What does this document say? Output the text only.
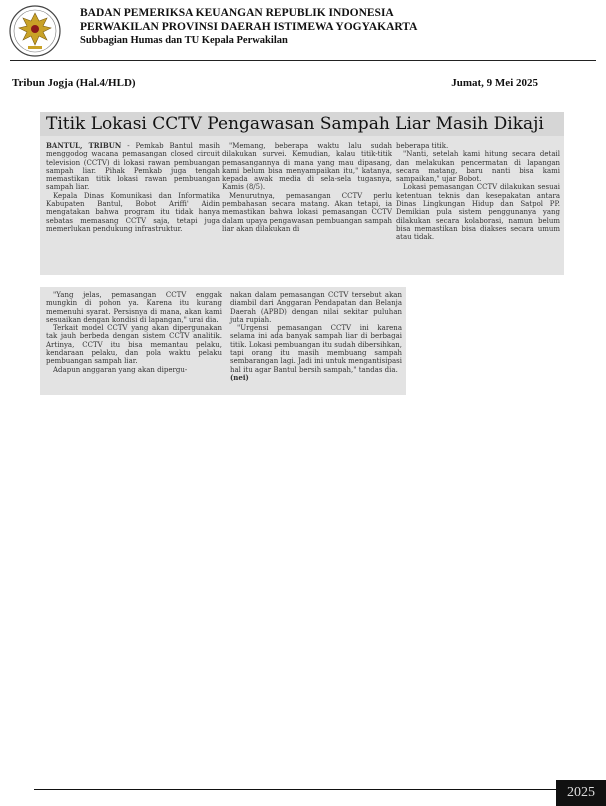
BADAN PEMERIKSA KEUANGAN REPUBLIK INDONESIA
PERWAKILAN PROVINSI DAERAH ISTIMEWA YOGYAKARTA
Subbagian Humas dan TU Kepala Perwakilan
Tribun Jogja (Hal.4/HLD)	Jumat, 9 Mei 2025
Titik Lokasi CCTV Pengawasan Sampah Liar Masih Dikaji

BANTUL, TRIBUN - Pemkab Bantul masih menggodog wacana pemasangan closed circuit television (CCTV) di lokasi rawan pembuangan sampah liar. Pihak Pemkab juga tengah memastikan titik lokasi rawan pembuangan sampah liar.

Kepala Dinas Komunikasi dan Informatika Kabupaten Bantul, Bobot Ariffi' Aidin mengatakan bahwa program itu tidak hanya sebatas memasang CCTV saja, tetapi juga memerlukan pendukung infrastruktur.

"Memang, beberapa waktu lalu sudah dilakukan survei. Kemudian, kalau titik-titik pemasangannya di mana yang mau dipasang, kami belum bisa menyampaikan itu," katanya, kepada awak media di sela-sela tugasnya, Kamis (8/5).

Menurutnya, pemasangan CCTV perlu pembahasan secara matang. Akan tetapi, ia memastikan bahwa lokasi pemasangan CCTV dalam upaya pengawasan pembuangan sampah liar akan dilakukan di

beberapa titik.

"Nanti, setelah kami hitung secara detail dan melakukan pencermatan di lapangan secara matang, baru nanti bisa kami sampaikan," ujar Bobot.

Lokasi pemasangan CCTV dilakukan sesuai ketentuan teknis dan kesepakatan antara Dinas Lingkungan Hidup dan Satpol PP. Demikian pula sistem penggunanya yang dilakukan secara kolaborasi, namun belum bisa memastikan bisa diakses secara umum atau tidak.

"Yang jelas, pemasangan CCTV enggak mungkin di pohon ya. Karena itu kurang memenuhi syarat. Persisnya di mana, akan kami sesuaikan dengan kondisi di lapangan," urai dia.

Terkait model CCTV yang akan dipergunakan tak jauh berbeda dengan sistem CCTV analitik. Artinya, CCTV itu bisa memantau pelaku, kendaraan pelaku, dan pola waktu pelaku pembuangan sampah liar.

Adapun anggaran yang akan dipergu-

nakan dalam pemasangan CCTV tersebut akan diambil dari Anggaran Pendapatan dan Belanja Daerah (APBD) dengan nilai sekitar puluhan juta rupiah.

"Urgensi pemasangan CCTV ini karena selama ini ada banyak sampah liar di berbagai titik. Lokasi pembuangan itu sudah dibersihkan, tapi orang itu masih membuang sampah sembarangan lagi. Jadi ini untuk mengantisipasi hal itu agar Bantul bersih sampah," tandas dia.

(nei)

2025
